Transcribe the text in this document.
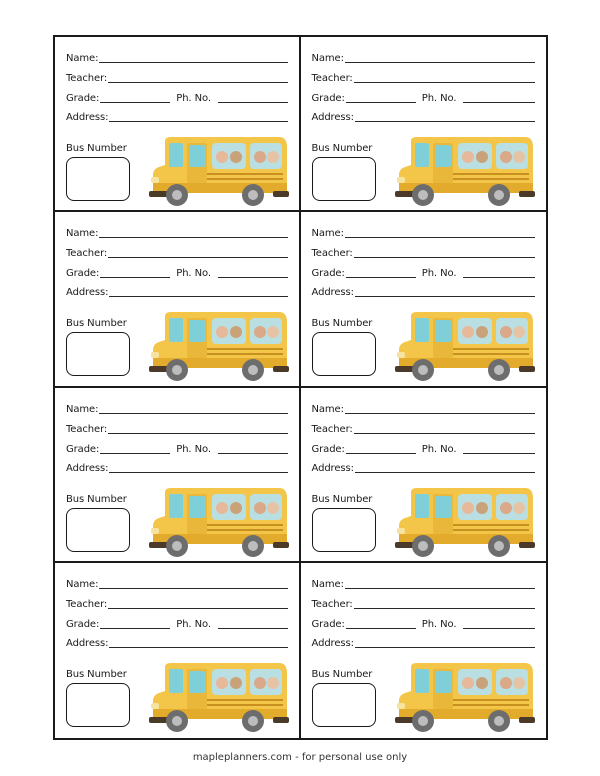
Name:
Teacher:
Grade:	Ph. No.
Address:
Bus Number
Name:
Teacher:
Grade:	Ph. No.
Address:
Bus Number
Name:
Teacher:
Grade:	Ph. No.
Address:
Bus Number
Name:
Teacher:
Grade:	Ph. No.
Address:
Bus Number
Name:
Teacher:
Grade:	Ph. No.
Address:
Bus Number
Name:
Teacher:
Grade:	Ph. No.
Address:
Bus Number
Name:
Teacher:
Grade:	Ph. No.
Address:
Bus Number
Name:
Teacher:
Grade:	Ph. No.
Address:
Bus Number
mapleplanners.com - for personal use only
